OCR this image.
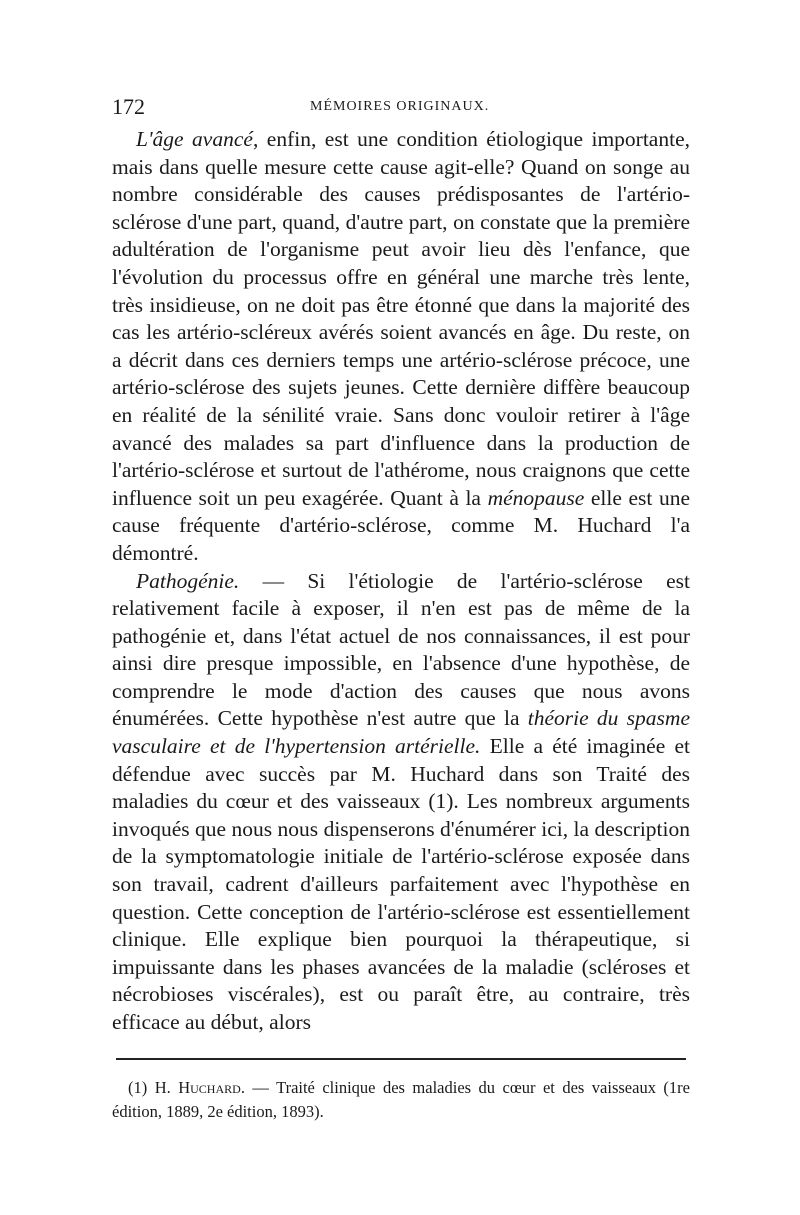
172	MÉMOIRES ORIGINAUX.

L'âge avancé, enfin, est une condition étiologique importante, mais dans quelle mesure cette cause agit-elle? Quand on songe au nombre considérable des causes prédisposantes de l'artério-sclérose d'une part, quand, d'autre part, on constate que la première adultération de l'organisme peut avoir lieu dès l'enfance, que l'évolution du processus offre en général une marche très lente, très insidieuse, on ne doit pas être étonné que dans la majorité des cas les artério-scléreux avérés soient avancés en âge. Du reste, on a décrit dans ces derniers temps une artério-sclérose précoce, une artério-sclérose des sujets jeunes. Cette dernière diffère beaucoup en réalité de la sénilité vraie. Sans donc vouloir retirer à l'âge avancé des malades sa part d'influence dans la production de l'artério-sclérose et surtout de l'athérome, nous craignons que cette influence soit un peu exagérée. Quant à la ménopause elle est une cause fréquente d'artério-sclérose, comme M. Huchard l'a démontré.

Pathogénie. — Si l'étiologie de l'artério-sclérose est relativement facile à exposer, il n'en est pas de même de la pathogénie et, dans l'état actuel de nos connaissances, il est pour ainsi dire presque impossible, en l'absence d'une hypothèse, de comprendre le mode d'action des causes que nous avons énumérées. Cette hypothèse n'est autre que la théorie du spasme vasculaire et de l'hypertension artérielle. Elle a été imaginée et défendue avec succès par M. Huchard dans son Traité des maladies du cœur et des vaisseaux (1). Les nombreux arguments invoqués que nous nous dispenserons d'énumérer ici, la description de la symptomatologie initiale de l'artério-sclérose exposée dans son travail, cadrent d'ailleurs parfaitement avec l'hypothèse en question. Cette conception de l'artério-sclérose est essentiellement clinique. Elle explique bien pourquoi la thérapeutique, si impuissante dans les phases avancées de la maladie (scléroses et nécrobioses viscérales), est ou paraît être, au contraire, très efficace au début, alors

(1) H. Huchard. — Traité clinique des maladies du cœur et des vaisseaux (1re édition, 1889, 2e édition, 1893).
